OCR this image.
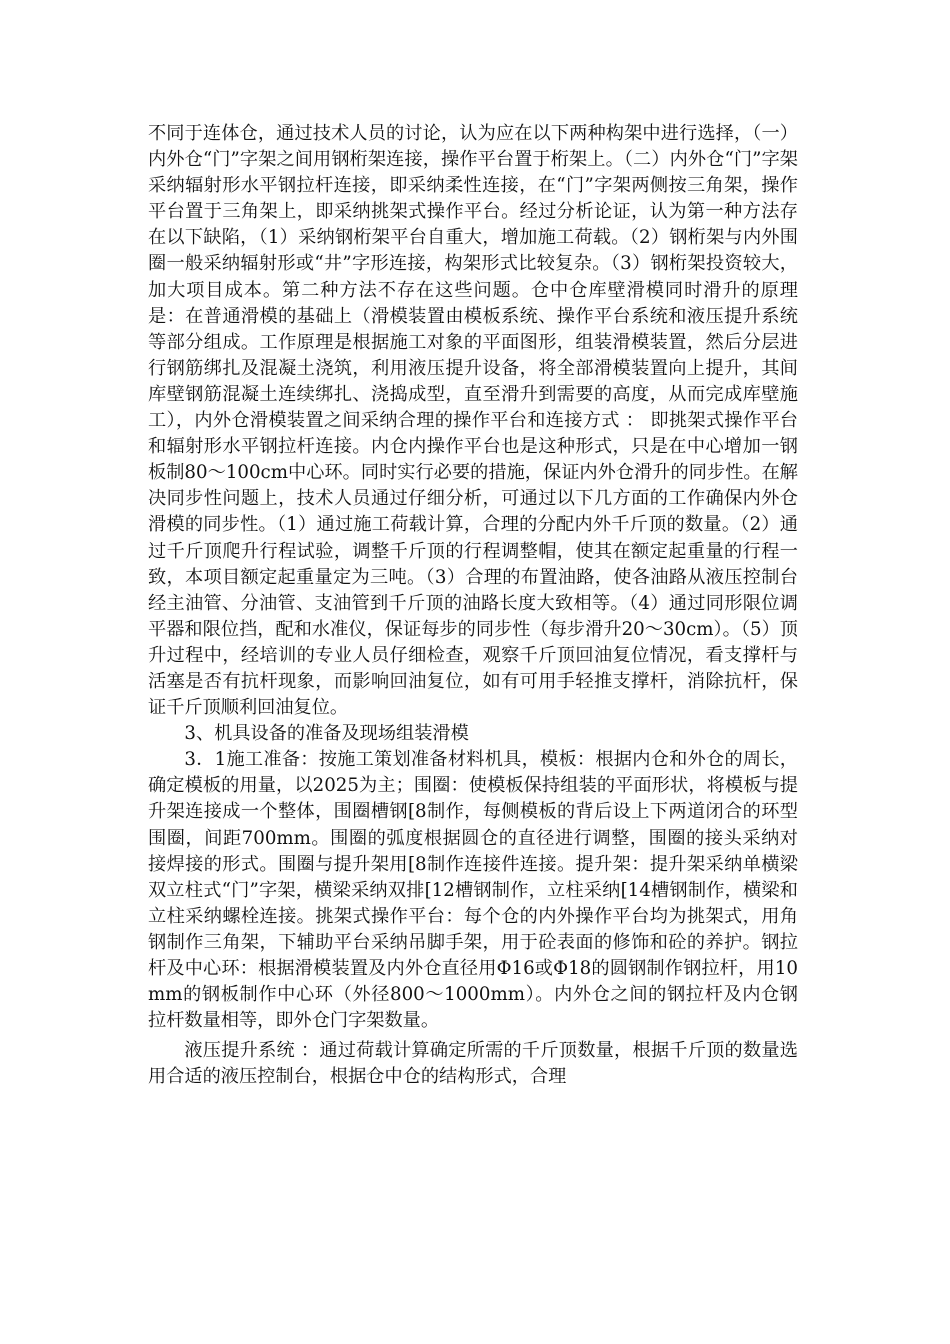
不同于连体仓，通过技术人员的讨论，认为应在以下两种构架中进行选择，（一）内外仓“门”字架之间用钢桁架连接，操作平台置于桁架上。（二）内外仓“门”字架采纳辐射形水平钢拉杆连接，即采纳柔性连接，在“门”字架两侧按三角架，操作平台置于三角架上，即采纳挑架式操作平台。经过分析论证，认为第一种方法存在以下缺陷，（1）采纳钢桁架平台自重大，增加施工荷载。（2）钢桁架与内外围圈一般采纳辐射形或“井”字形连接，构架形式比较复杂。（3）钢桁架投资较大，加大项目成本。第二种方法不存在这些问题。仓中仓库壁滑模同时滑升的原理是：在普通滑模的基础上（滑模装置由模板系统、操作平台系统和液压提升系统等部分组成。工作原理是根据施工对象的平面图形，组装滑模装置，然后分层进行钢筋绑扎及混凝土浇筑，利用液压提升设备，将全部滑模装置向上提升，其间库壁钢筋混凝土连续绑扎、浇捣成型，直至滑升到需要的高度，从而完成库壁施工），内外仓滑模装置之间采纳合理的操作平台和连接方式 ： 即挑架式操作平台和辐射形水平钢拉杆连接。内仓内操作平台也是这种形式，只是在中心增加一钢板制80～100cm中心环。同时实行必要的措施，保证内外仓滑升的同步性。在解决同步性问题上，技术人员通过仔细分析，可通过以下几方面的工作确保内外仓滑模的同步性。（1）通过施工荷载计算，合理的分配内外千斤顶的数量。（2）通过千斤顶爬升行程试验，调整千斤顶的行程调整帽，使其在额定起重量的行程一致，本项目额定起重量定为三吨。（3）合理的布置油路，使各油路从液压控制台经主油管、分油管、支油管到千斤顶的油路长度大致相等。（4）通过同形限位调平器和限位挡，配和水准仪，保证每步的同步性（每步滑升20～30cm）。（5）顶升过程中，经培训的专业人员仔细检查，观察千斤顶回油复位情况，看支撑杆与活塞是否有抗杆现象，而影响回油复位，如有可用手轻推支撑杆，消除抗杆，保证千斤顶顺利回油复位。

3、机具设备的准备及现场组装滑模

3．1施工准备：按施工策划准备材料机具，模板：根据内仓和外仓的周长，确定模板的用量，以2025为主；围圈：使模板保持组装的平面形状，将模板与提升架连接成一个整体，围圈槽钢[8制作，每侧模板的背后设上下两道闭合的环型围圈，间距700mm。围圈的弧度根据圆仓的直径进行调整，围圈的接头采纳对接焊接的形式。围圈与提升架用[8制作连接件连接。提升架：提升架采纳单横梁双立柱式“门”字架，横梁采纳双排[12槽钢制作，立柱采纳[14槽钢制作，横梁和立柱采纳螺栓连接。挑架式操作平台：每个仓的内外操作平台均为挑架式，用角钢制作三角架，下辅助平台采纳吊脚手架，用于砼表面的修饰和砼的养护。钢拉杆及中心环：根据滑模装置及内外仓直径用Φ16或Φ18的圆钢制作钢拉杆，用10mm的钢板制作中心环（外径800～1000mm）。内外仓之间的钢拉杆及内仓钢拉杆数量相等，即外仓门字架数量。

液压提升系统 ：通过荷载计算确定所需的千斤顶数量，根据千斤顶的数量选用合适的液压控制台，根据仓中仓的结构形式，合理
